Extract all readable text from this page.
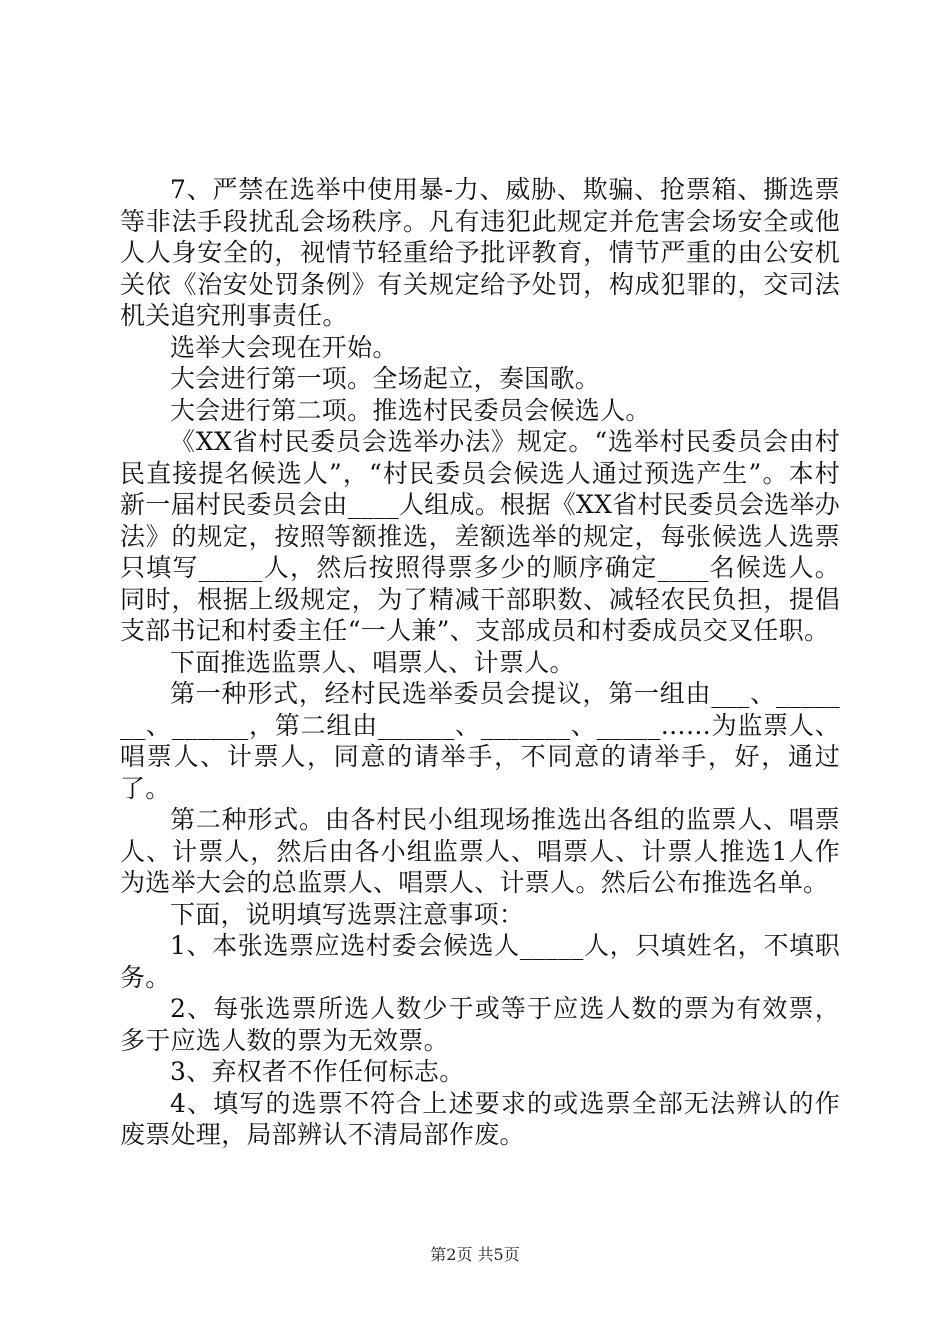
7、严禁在选举中使用暴-力、威胁、欺骗、抢票箱、撕选票等非法手段扰乱会场秩序。凡有违犯此规定并危害会场安全或他人人身安全的，视情节轻重给予批评教育，情节严重的由公安机关依《治安处罚条例》有关规定给予处罚，构成犯罪的，交司法机关追究刑事责任。

选举大会现在开始。

大会进行第一项。全场起立，奏国歌。

大会进行第二项。推选村民委员会候选人。

《XX省村民委员会选举办法》规定。“选举村民委员会由村民直接提名候选人”，“村民委员会候选人通过预选产生”。本村新一届村民委员会由____人组成。根据《XX省村民委员会选举办法》的规定，按照等额推选，差额选举的规定，每张候选人选票只填写_____人，然后按照得票多少的顺序确定____名候选人。同时，根据上级规定，为了精减干部职数、减轻农民负担，提倡支部书记和村委主任“一人兼”、支部成员和村委成员交叉任职。

下面推选监票人、唱票人、计票人。

第一种形式，经村民选举委员会提议，第一组由___、_______、______，第二组由______、_______、_____……为监票人、唱票人、计票人，同意的请举手，不同意的请举手，好，通过了。

第二种形式。由各村民小组现场推选出各组的监票人、唱票人、计票人，然后由各小组监票人、唱票人、计票人推选1人作为选举大会的总监票人、唱票人、计票人。然后公布推选名单。

下面，说明填写选票注意事项：

1、本张选票应选村委会候选人_____人，只填姓名，不填职务。

2、每张选票所选人数少于或等于应选人数的票为有效票，多于应选人数的票为无效票。

3、弃权者不作任何标志。

4、填写的选票不符合上述要求的或选票全部无法辨认的作废票处理，局部辨认不清局部作废。

第2页 共5页
